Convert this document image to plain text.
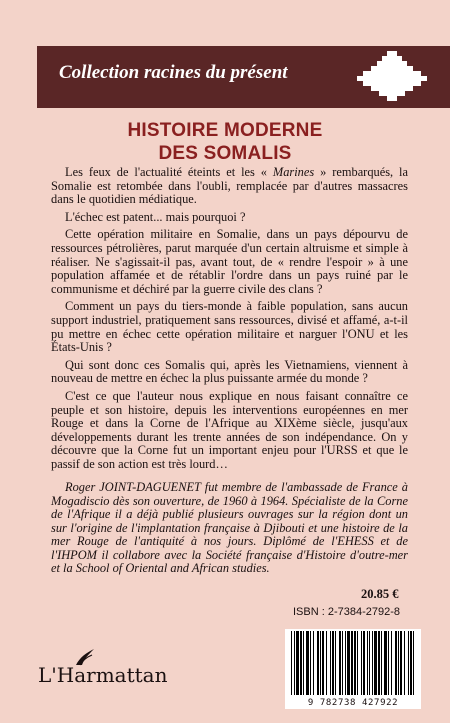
Collection racines du présent
HISTOIRE MODERNE
DES SOMALIS

Les feux de l'actualité éteints et les « Marines » rembarqués, la Somalie est retombée dans l'oubli, remplacée par d'autres massacres dans le quotidien médiatique.

L'échec est patent... mais pourquoi ?

Cette opération militaire en Somalie, dans un pays dépourvu de ressources pétrolières, parut marquée d'un certain altruisme et simple à réaliser. Ne s'agissait-il pas, avant tout, de « rendre l'espoir » à une population affamée et de rétablir l'ordre dans un pays ruiné par le communisme et déchiré par la guerre civile des clans ?

Comment un pays du tiers-monde à faible population, sans aucun support industriel, pratiquement sans ressources, divisé et affamé, a-t-il pu mettre en échec cette opération militaire et narguer l'ONU et les États-Unis ?

Qui sont donc ces Somalis qui, après les Vietnamiens, viennent à nouveau de mettre en échec la plus puissante armée du monde ?

C'est ce que l'auteur nous explique en nous faisant connaître ce peuple et son histoire, depuis les interventions européennes en mer Rouge et dans la Corne de l'Afrique au XIXème siècle, jusqu'aux développements durant les trente années de son indépendance. On y découvre que la Corne fut un important enjeu pour l'URSS et que le passif de son action est très lourd…

Roger JOINT-DAGUENET fut membre de l'ambassade de France à Mogadiscio dès son ouverture, de 1960 à 1964. Spécialiste de la Corne de l'Afrique il a déjà publié plusieurs ouvrages sur la région dont un sur l'origine de l'implantation française à Djibouti et une histoire de la mer Rouge de l'antiquité à nos jours. Diplômé de l'EHESS et de l'IHPOM il collabore avec la Société française d'Histoire d'outre-mer et la School of Oriental and African studies.

20.85 €
ISBN : 2-7384-2792-8
9 782738 427922
L'Harmattan
